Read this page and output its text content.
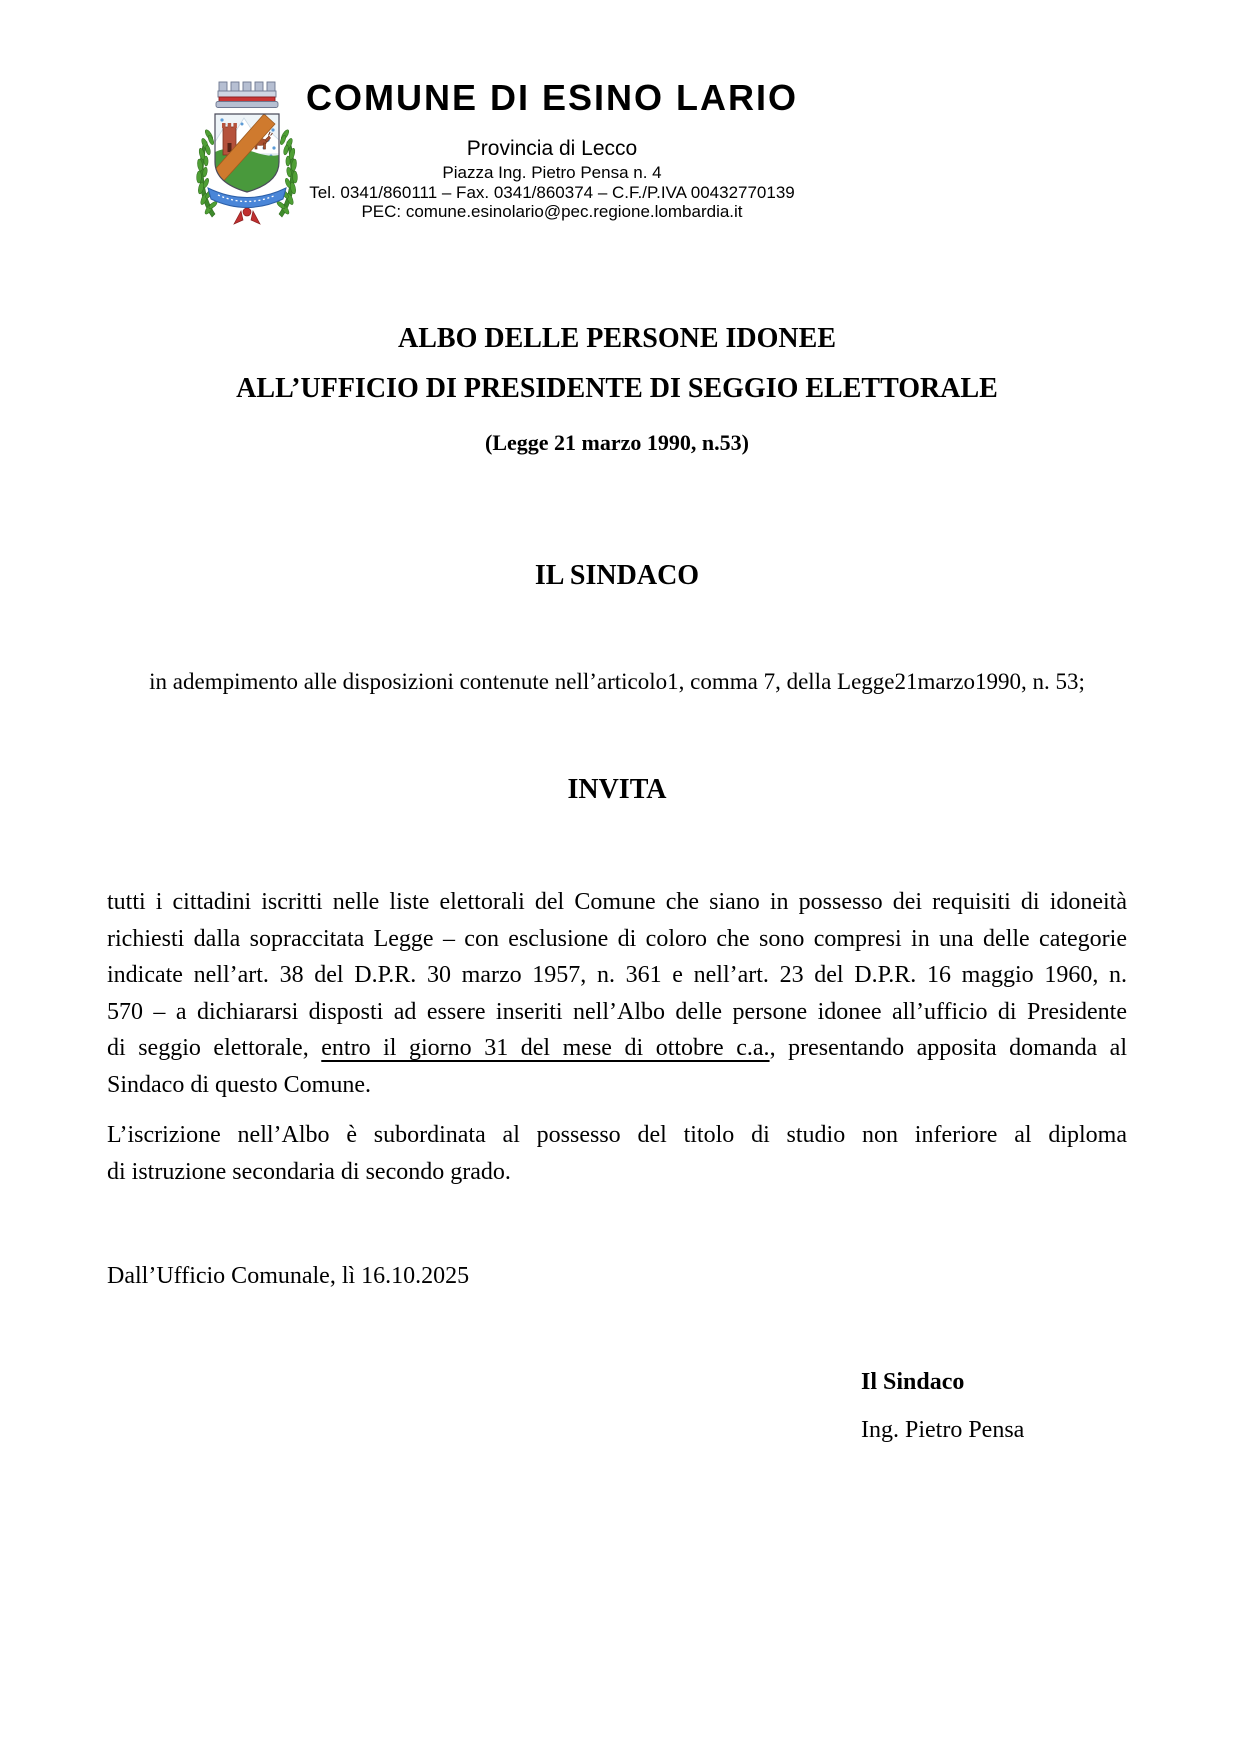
COMUNE DI ESINO LARIO
Provincia di Lecco
Piazza Ing. Pietro Pensa n. 4
Tel. 0341/860111 – Fax. 0341/860374 – C.F./P.IVA 00432770139
PEC: comune.esinolario@pec.regione.lombardia.it
ALBO DELLE PERSONE IDONEE
ALL’UFFICIO DI PRESIDENTE DI SEGGIO ELETTORALE
(Legge 21 marzo 1990, n.53)
IL SINDACO
in adempimento alle disposizioni contenute nell’articolo1, comma 7, della Legge21marzo1990, n. 53;
INVITA
tutti i cittadini iscritti nelle liste elettorali del Comune che siano in possesso dei requisiti di idoneità
richiesti dalla sopraccitata Legge – con esclusione di coloro che sono compresi in una delle categorie
indicate nell’art. 38 del D.P.R. 30 marzo 1957, n. 361 e nell’art. 23 del D.P.R. 16 maggio 1960, n.
570 – a dichiararsi disposti ad essere inseriti nell’Albo delle persone idonee all’ufficio di Presidente
di seggio elettorale, entro il giorno 31 del mese di ottobre c.a., presentando apposita domanda al
Sindaco di questo Comune.
L’iscrizione nell’Albo è subordinata al possesso del titolo di studio non inferiore al diploma
di istruzione secondaria di secondo grado.
Dall’Ufficio Comunale, lì 16.10.2025
Il Sindaco
Ing. Pietro Pensa
